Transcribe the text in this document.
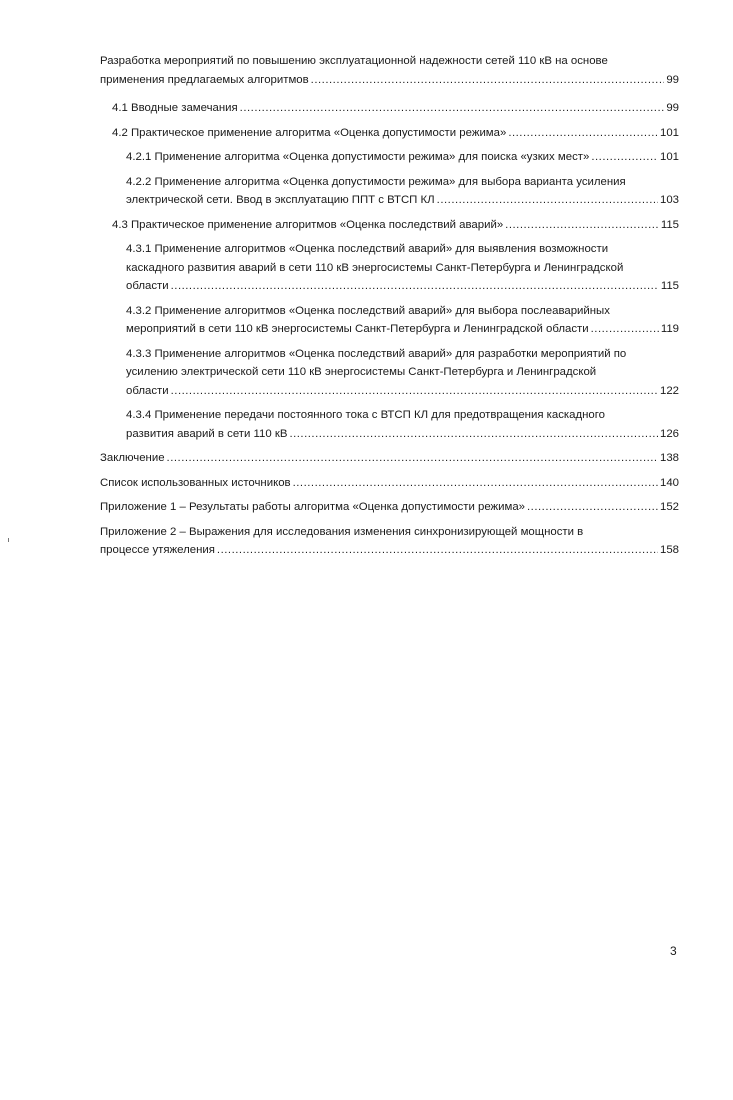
Разработка мероприятий по повышению эксплуатационной надежности сетей 110 кВ на основе
применения предлагаемых алгоритмов .....	99
4.1 Вводные замечания .....	99
4.2 Практическое применение алгоритма «Оценка допустимости режима» .....	101
4.2.1 Применение алгоритма «Оценка допустимости режима» для поиска «узких мест» .....	101
4.2.2 Применение алгоритма «Оценка допустимости режима» для выбора варианта усиления
электрической сети. Ввод в эксплуатацию ППТ с ВТСП КЛ .....	103
4.3 Практическое применение алгоритмов «Оценка последствий аварий» .....	115
4.3.1 Применение алгоритмов «Оценка последствий аварий» для выявления возможности
каскадного развития аварий в сети 110 кВ энергосистемы Санкт-Петербурга и Ленинградской
области .....	115
4.3.2 Применение алгоритмов «Оценка последствий аварий» для выбора послеаварийных
мероприятий в сети 110 кВ энергосистемы Санкт-Петербурга и Ленинградской области .....	119
4.3.3 Применение алгоритмов «Оценка последствий аварий» для разработки мероприятий по
усилению электрической сети 110 кВ энергосистемы Санкт-Петербурга и Ленинградской
области .....	122
4.3.4 Применение передачи постоянного тока с ВТСП КЛ для предотвращения каскадного
развития аварий в сети 110 кВ .....	126
Заключение .....	138
Список использованных источников .....	140
Приложение 1 – Результаты работы алгоритма «Оценка допустимости режима» .....	152
Приложение 2 – Выражения для исследования изменения синхронизирующей мощности в
процессе утяжеления .....	158
3
